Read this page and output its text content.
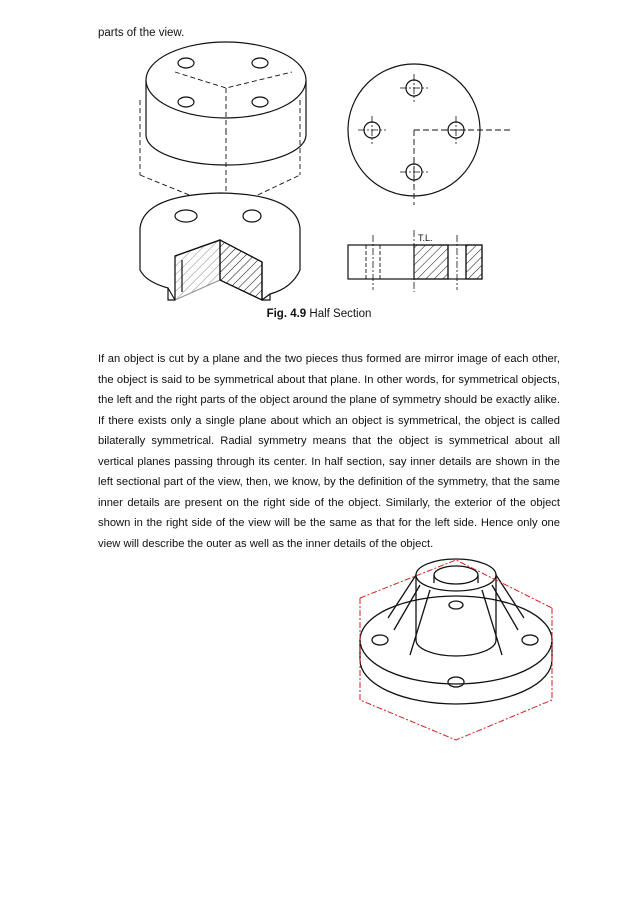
parts of the view.
T.L.
Fig. 4.9 Half Section

If an object is cut by a plane and the two pieces thus formed are mirror image of each other, the object is said to be symmetrical about that plane. In other words, for symmetrical objects, the left and the right parts of the object around the plane of symmetry should be exactly alike. If there exists only a single plane about which an object is symmetrical, the object is called bilaterally symmetrical. Radial symmetry means that the object is symmetrical about all vertical planes passing through its center. In half section, say inner details are shown in the left sectional part of the view, then, we know, by the definition of the symmetry, that the same inner details are present on the right side of the object. Similarly, the exterior of the object shown in the right side of the view will be the same as that for the left side. Hence only one view will describe the outer as well as the inner details of the object.
